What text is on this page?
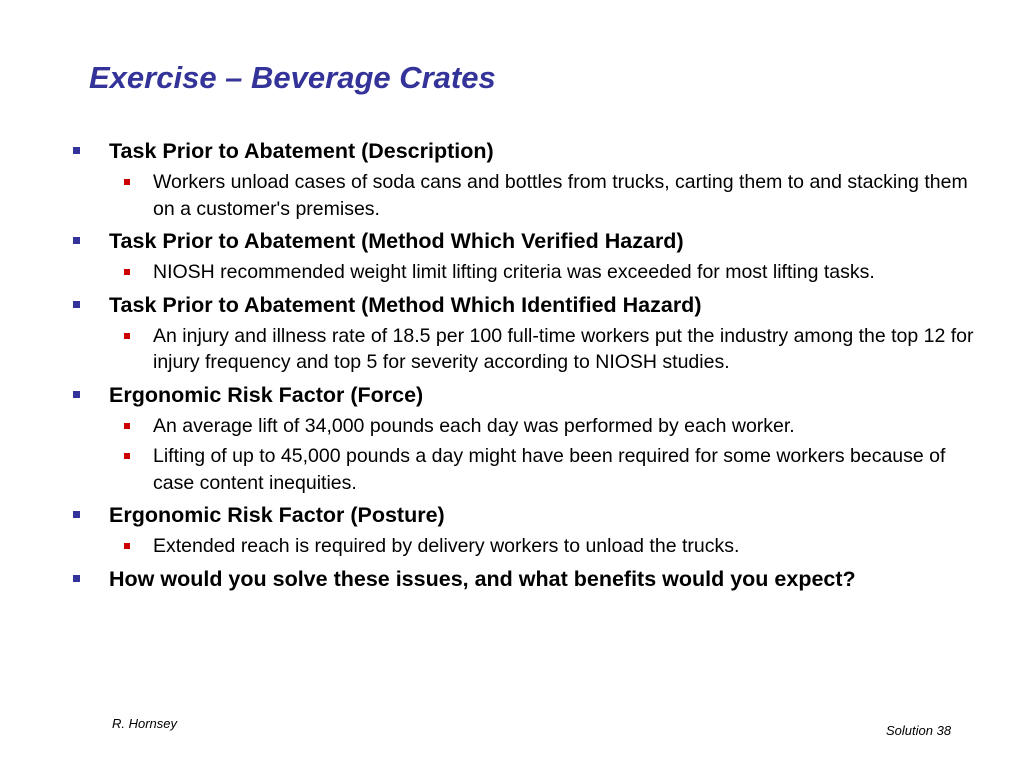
Exercise – Beverage Crates
Task Prior to Abatement (Description)
Workers unload cases of soda cans and bottles from trucks, carting them to and stacking them on a customer's premises.
Task Prior to Abatement (Method Which Verified Hazard)
NIOSH recommended weight limit lifting criteria was exceeded for most lifting tasks.
Task Prior to Abatement (Method Which Identified Hazard)
An injury and illness rate of 18.5 per 100 full-time workers put the industry among the top 12 for injury frequency and top 5 for severity according to NIOSH studies.
Ergonomic Risk Factor (Force)
An average lift of 34,000 pounds each day was performed by each worker.
Lifting of up to 45,000 pounds a day might have been required for some workers because of case content inequities.
Ergonomic Risk Factor (Posture)
Extended reach is required by delivery workers to unload the trucks.
How would you solve these issues, and what benefits would you expect?
R. Hornsey	Solution 38
